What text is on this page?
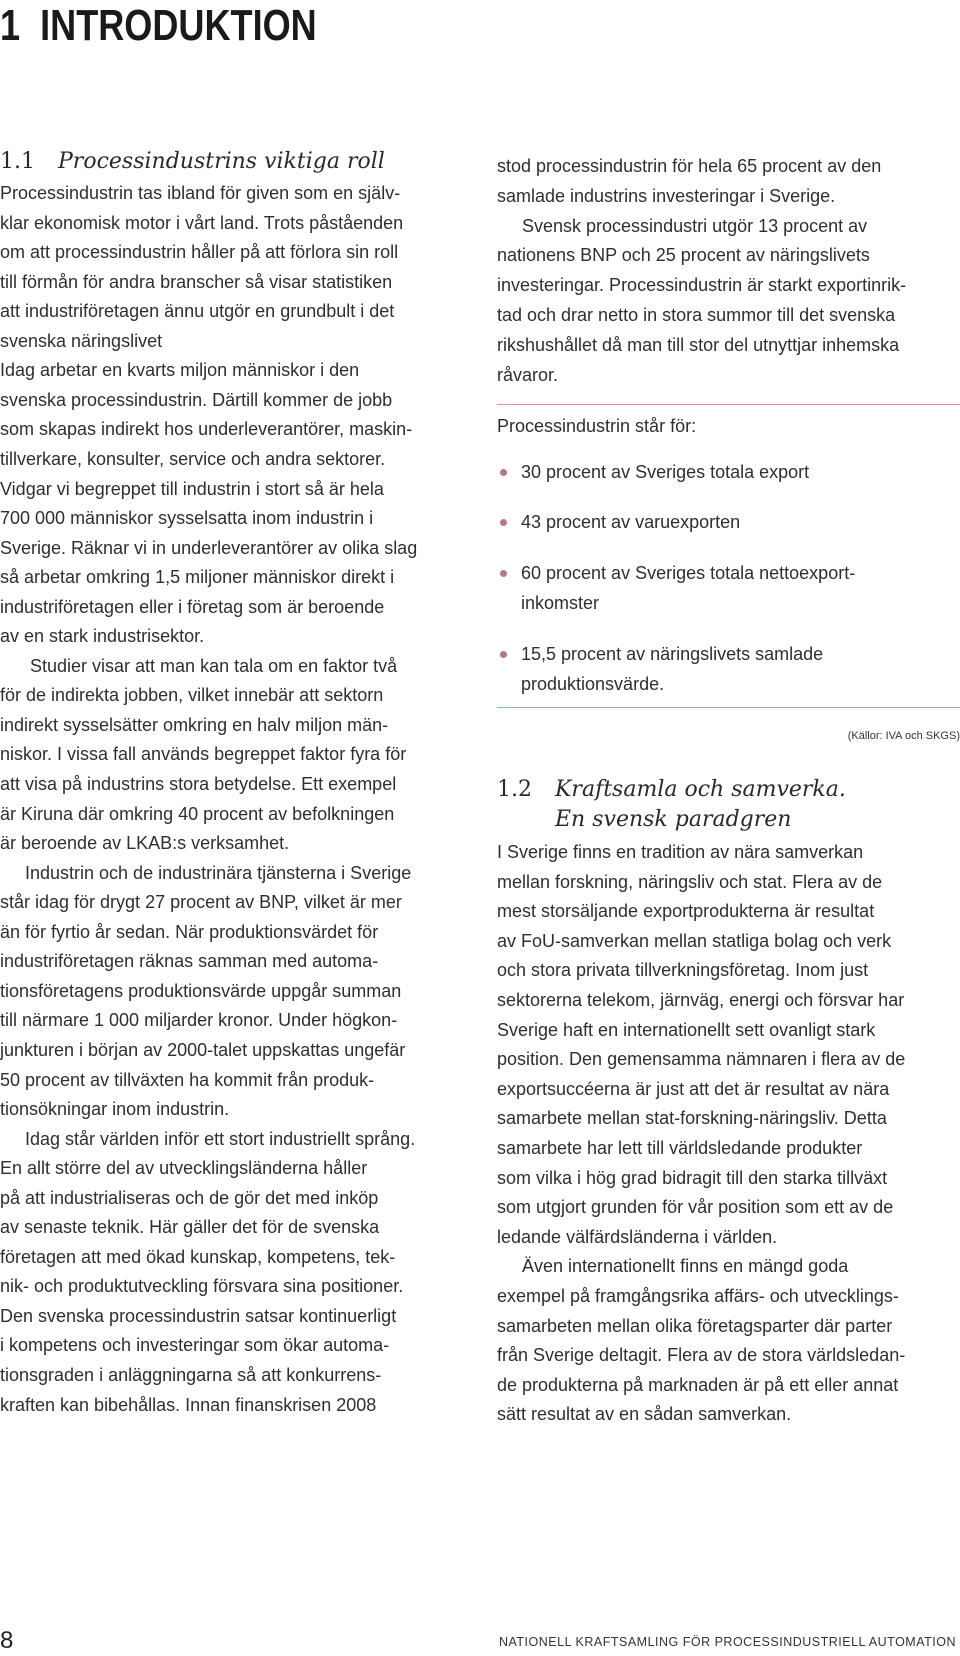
1 INTRODUKTION
1.1 Processindustrins viktiga roll
Processindustrin tas ibland för given som en själv-
klar ekonomisk motor i vårt land. Trots påståenden
om att processindustrin håller på att förlora sin roll
till förmån för andra branscher så visar statistiken
att industriföretagen ännu utgör en grundbult i det
svenska näringslivet
Idag arbetar en kvarts miljon människor i den
svenska processindustrin. Därtill kommer de jobb
som skapas indirekt hos underleverantörer, maskin-
tillverkare, konsulter, service och andra sektorer.
Vidgar vi begreppet till industrin i stort så är hela
700 000 människor sysselsatta inom industrin i
Sverige. Räknar vi in underleverantörer av olika slag
så arbetar omkring 1,5 miljoner människor direkt i
industriföretagen eller i företag som är beroende
av en stark industrisektor.
Studier visar att man kan tala om en faktor två
för de indirekta jobben, vilket innebär att sektorn
indirekt sysselsätter omkring en halv miljon män-
niskor. I vissa fall används begreppet faktor fyra för
att visa på industrins stora betydelse. Ett exempel
är Kiruna där omkring 40 procent av befolkningen
är beroende av LKAB:s verksamhet.
Industrin och de industrinära tjänsterna i Sverige
står idag för drygt 27 procent av BNP, vilket är mer
än för fyrtio år sedan. När produktionsvärdet för
industriföretagen räknas samman med automa-
tionsföretagens produktionsvärde uppgår summan
till närmare 1 000 miljarder kronor. Under högkon-
junkturen i början av 2000-talet uppskattas ungefär
50 procent av tillväxten ha kommit från produk-
tionsökningar inom industrin.
Idag står världen inför ett stort industriellt språng.
En allt större del av utvecklingsländerna håller
på att industrialiseras och de gör det med inköp
av senaste teknik. Här gäller det för de svenska
företagen att med ökad kunskap, kompetens, tek-
nik- och produktutveckling försvara sina positioner.
Den svenska processindustrin satsar kontinuerligt
i kompetens och investeringar som ökar automa-
tionsgraden i anläggningarna så att konkurrens-
kraften kan bibehållas. Innan finanskrisen 2008
stod processindustrin för hela 65 procent av den
samlade industrins investeringar i Sverige.
Svensk processindustri utgör 13 procent av
nationens BNP och 25 procent av näringslivets
investeringar. Processindustrin är starkt exportinrik-
tad och drar netto in stora summor till det svenska
rikshushållet då man till stor del utnyttjar inhemska
råvaror.
Processindustrin står för:
30 procent av Sveriges totala export
43 procent av varuexporten
60 procent av Sveriges totala nettoexport-
inkomster
15,5 procent av näringslivets samlade
produktionsvärde.
(Källor: IVA och SKGS)
1.2 Kraftsamla och samverka.
En svensk paradgren
I Sverige finns en tradition av nära samverkan
mellan forskning, näringsliv och stat. Flera av de
mest storsäljande exportprodukterna är resultat
av FoU-samverkan mellan statliga bolag och verk
och stora privata tillverkningsföretag. Inom just
sektorerna telekom, järnväg, energi och försvar har
Sverige haft en internationellt sett ovanligt stark
position. Den gemensamma nämnaren i flera av de
exportsuccéerna är just att det är resultat av nära
samarbete mellan stat-forskning-näringsliv. Detta
samarbete har lett till världsledande produkter
som vilka i hög grad bidragit till den starka tillväxt
som utgjort grunden för vår position som ett av de
ledande välfärdsländerna i världen.
Även internationellt finns en mängd goda
exempel på framgångsrika affärs- och utvecklings-
samarbeten mellan olika företagsparter där parter
från Sverige deltagit. Flera av de stora världsledan-
de produkterna på marknaden är på ett eller annat
sätt resultat av en sådan samverkan.
8	NATIONELL KRAFTSAMLING FÖR PROCESSINDUSTRIELL AUTOMATION
